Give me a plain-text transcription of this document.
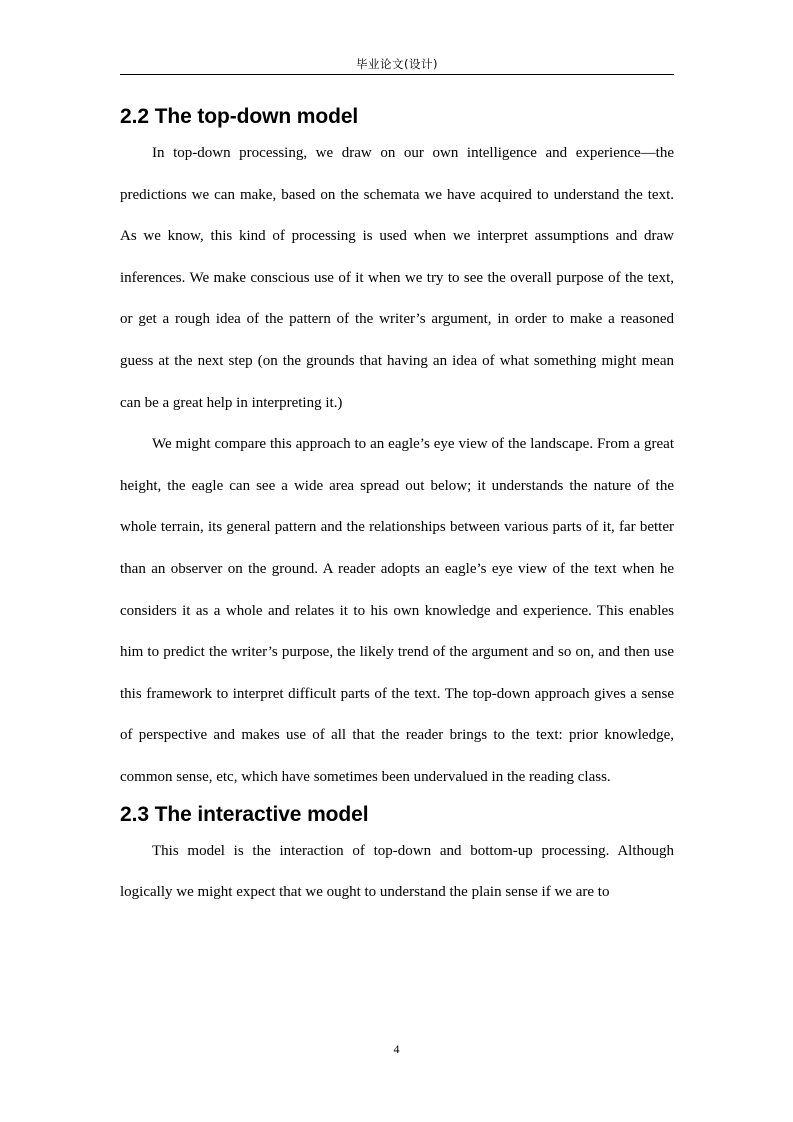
毕业论文(设计)
2.2 The top-down model

In top-down processing, we draw on our own intelligence and experience—the predictions we can make, based on the schemata we have acquired to understand the text. As we know, this kind of processing is used when we interpret assumptions and draw inferences. We make conscious use of it when we try to see the overall purpose of the text, or get a rough idea of the pattern of the writer’s argument, in order to make a reasoned guess at the next step (on the grounds that having an idea of what something might mean can be a great help in interpreting it.)

We might compare this approach to an eagle’s eye view of the landscape. From a great height, the eagle can see a wide area spread out below; it understands the nature of the whole terrain, its general pattern and the relationships between various parts of it, far better than an observer on the ground. A reader adopts an eagle’s eye view of the text when he considers it as a whole and relates it to his own knowledge and experience. This enables him to predict the writer’s purpose, the likely trend of the argument and so on, and then use this framework to interpret difficult parts of the text. The top-down approach gives a sense of perspective and makes use of all that the reader brings to the text: prior knowledge, common sense, etc, which have sometimes been undervalued in the reading class.

2.3 The interactive model

This model is the interaction of top-down and bottom-up processing. Although logically we might expect that we ought to understand the plain sense if we are to

4
